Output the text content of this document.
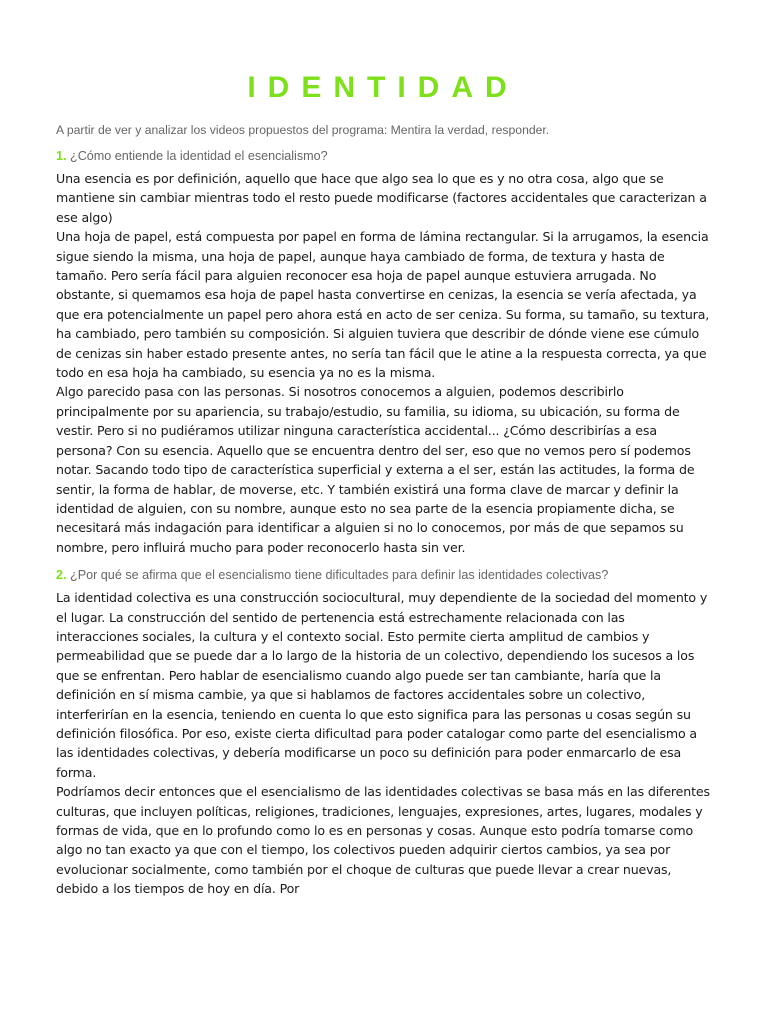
IDENTIDAD

A partir de ver y analizar los videos propuestos del programa: Mentira la verdad, responder.

1. ¿Cómo entiende la identidad el esencialismo?

Una esencia es por definición, aquello que hace que algo sea lo que es y no otra cosa, algo que se mantiene sin cambiar mientras todo el resto puede modificarse (factores accidentales que caracterizan a ese algo)

Una hoja de papel, está compuesta por papel en forma de lámina rectangular. Si la arrugamos, la esencia sigue siendo la misma, una hoja de papel, aunque haya cambiado de forma, de textura y hasta de tamaño. Pero sería fácil para alguien reconocer esa hoja de papel aunque estuviera arrugada. No obstante, si quemamos esa hoja de papel hasta convertirse en cenizas, la esencia se vería afectada, ya que era potencialmente un papel pero ahora está en acto de ser ceniza. Su forma, su tamaño, su textura, ha cambiado, pero también su composición. Si alguien tuviera que describir de dónde viene ese cúmulo de cenizas sin haber estado presente antes, no sería tan fácil que le atine a la respuesta correcta, ya que todo en esa hoja ha cambiado, su esencia ya no es la misma.

Algo parecido pasa con las personas. Si nosotros conocemos a alguien, podemos describirlo principalmente por su apariencia, su trabajo/estudio, su familia, su idioma, su ubicación, su forma de vestir. Pero si no pudiéramos utilizar ninguna característica accidental... ¿Cómo describirías a esa persona? Con su esencia. Aquello que se encuentra dentro del ser, eso que no vemos pero sí podemos notar. Sacando todo tipo de característica superficial y externa a el ser, están las actitudes, la forma de sentir, la forma de hablar, de moverse, etc. Y también existirá una forma clave de marcar y definir la identidad de alguien, con su nombre, aunque esto no sea parte de la esencia propiamente dicha, se necesitará más indagación para identificar a alguien si no lo conocemos, por más de que sepamos su nombre, pero influirá mucho para poder reconocerlo hasta sin ver.

2. ¿Por qué se afirma que el esencialismo tiene dificultades para definir las identidades colectivas?

La identidad colectiva es una construcción sociocultural, muy dependiente de la sociedad del momento y el lugar. La construcción del sentido de pertenencia está estrechamente relacionada con las interacciones sociales, la cultura y el contexto social. Esto permite cierta amplitud de cambios y permeabilidad que se puede dar a lo largo de la historia de un colectivo, dependiendo los sucesos a los que se enfrentan. Pero hablar de esencialismo cuando algo puede ser tan cambiante, haría que la definición en sí misma cambie, ya que si hablamos de factores accidentales sobre un colectivo, interferirían en la esencia, teniendo en cuenta lo que esto significa para las personas u cosas según su definición filosófica. Por eso, existe cierta dificultad para poder catalogar como parte del esencialismo a las identidades colectivas, y debería modificarse un poco su definición para poder enmarcarlo de esa forma.

Podríamos decir entonces que el esencialismo de las identidades colectivas se basa más en las diferentes culturas, que incluyen políticas, religiones, tradiciones, lenguajes, expresiones, artes, lugares, modales y formas de vida, que en lo profundo como lo es en personas y cosas. Aunque esto podría tomarse como algo no tan exacto ya que con el tiempo, los colectivos pueden adquirir ciertos cambios, ya sea por evolucionar socialmente, como también por el choque de culturas que puede llevar a crear nuevas, debido a los tiempos de hoy en día. Por
